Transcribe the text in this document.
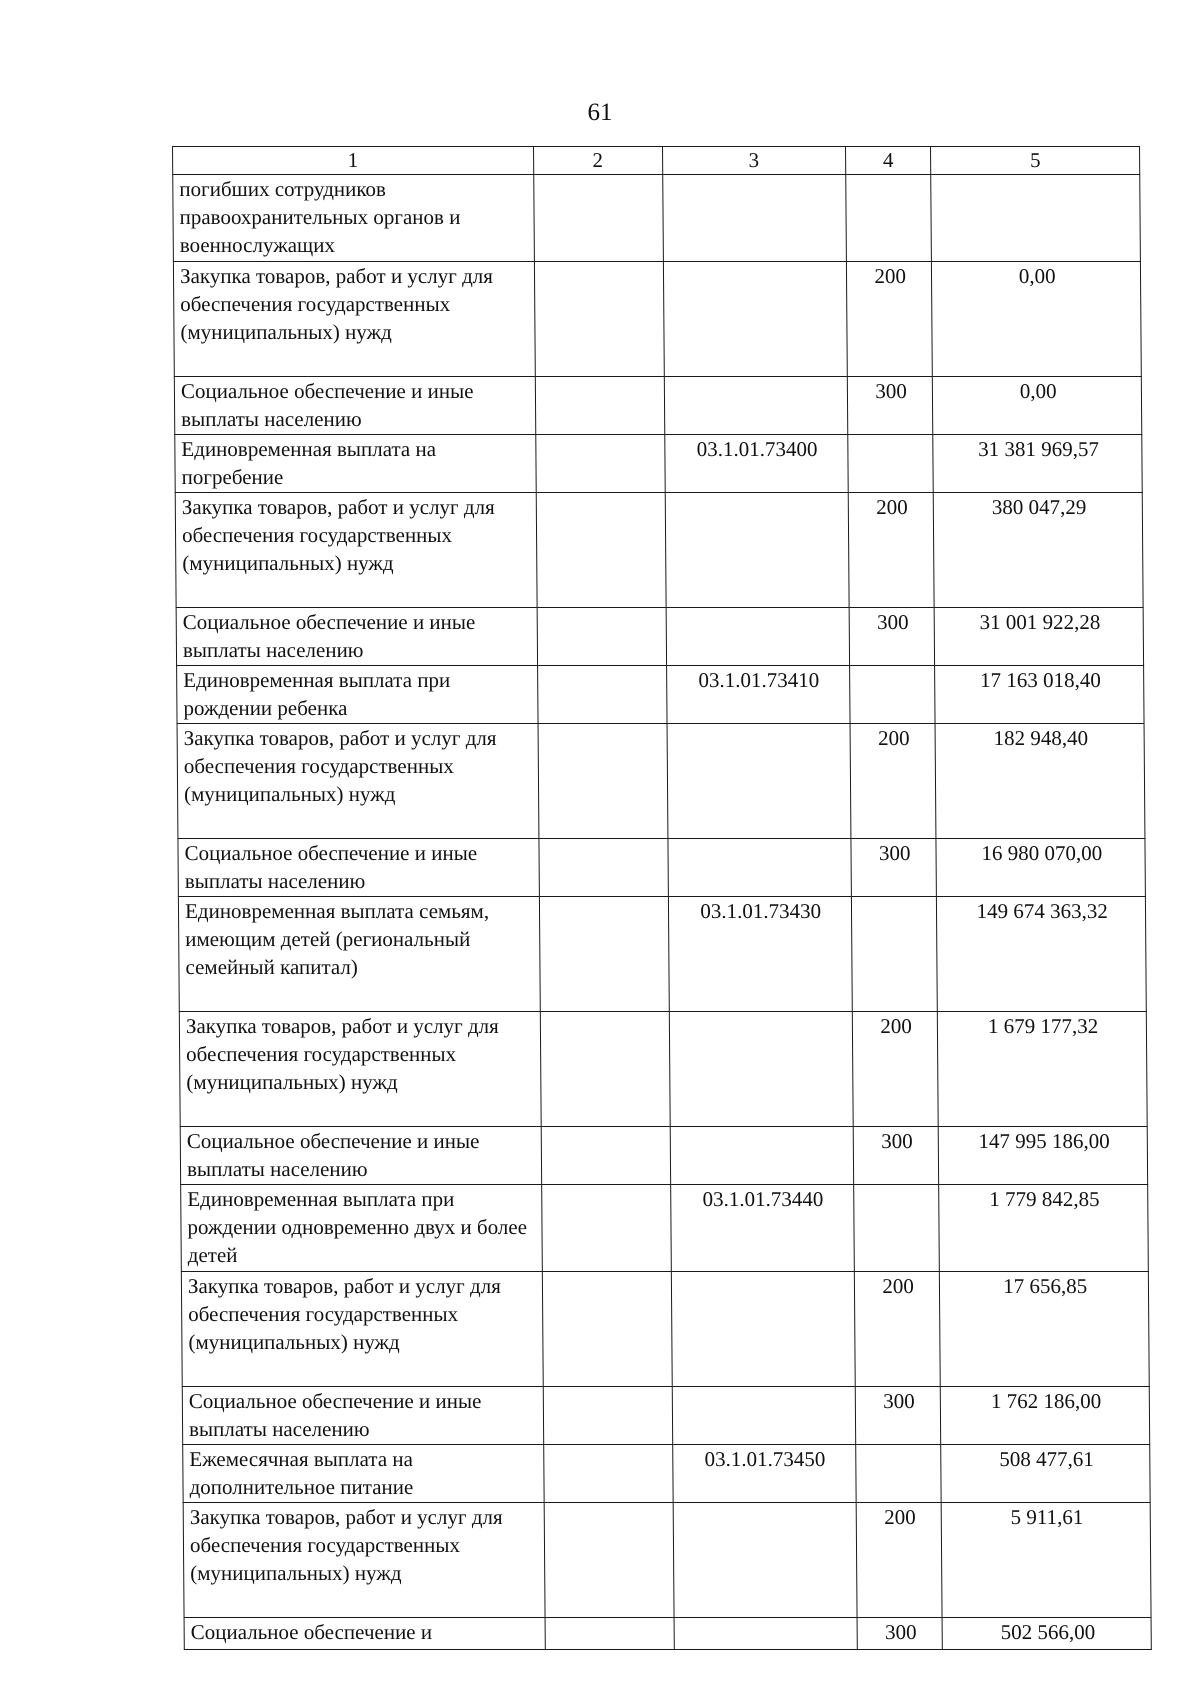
61
1	2	3	4	5
погибших сотрудников правоохранительных органов и военнослужащих				
Закупка товаров, работ и услуг для обеспечения государственных (муниципальных) нужд			200	0,00
Социальное обеспечение и иные выплаты населению			300	0,00
Единовременная выплата на погребение		03.1.01.73400		31 381 969,57
Закупка товаров, работ и услуг для обеспечения государственных (муниципальных) нужд			200	380 047,29
Социальное обеспечение и иные выплаты населению			300	31 001 922,28
Единовременная выплата при рождении ребенка		03.1.01.73410		17 163 018,40
Закупка товаров, работ и услуг для обеспечения государственных (муниципальных) нужд			200	182 948,40
Социальное обеспечение и иные выплаты населению			300	16 980 070,00
Единовременная выплата семьям, имеющим детей (региональный семейный капитал)		03.1.01.73430		149 674 363,32
Закупка товаров, работ и услуг для обеспечения государственных (муниципальных) нужд			200	1 679 177,32
Социальное обеспечение и иные выплаты населению			300	147 995 186,00
Единовременная выплата при рождении одновременно двух и более детей		03.1.01.73440		1 779 842,85
Закупка товаров, работ и услуг для обеспечения государственных (муниципальных) нужд			200	17 656,85
Социальное обеспечение и иные выплаты населению			300	1 762 186,00
Ежемесячная выплата на дополнительное питание		03.1.01.73450		508 477,61
Закупка товаров, работ и услуг для обеспечения государственных (муниципальных) нужд			200	5 911,61
Социальное обеспечение и			300	502 566,00
